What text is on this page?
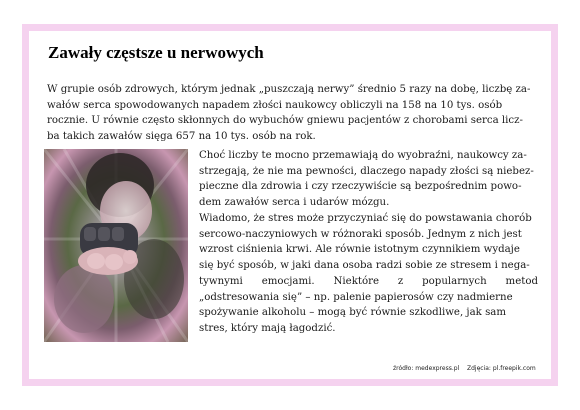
Zawały częstsze u nerwowych

W grupie osób zdrowych, którym jednak „puszczają nerwy” średnio 5 razy na dobę, liczbę za-
wałów serca spowodowanych napadem złości naukowcy obliczyli na 158 na 10 tys. osób
rocznie. U równie często skłonnych do wybuchów gniewu pacjentów z chorobami serca licz-
ba takich zawałów sięga 657 na 10 tys. osób na rok.

Choć liczby te mocno przemawiają do wyobraźni, naukowcy za-
strzegają, że nie ma pewności, dlaczego napady złości są niebez-
pieczne dla zdrowia i czy rzeczywiście są bezpośrednim powo-
dem zawałów serca i udarów mózgu.

Wiadomo, że stres może przyczyniać się do powstawania chorób
sercowo-naczyniowych w różnoraki sposób. Jednym z nich jest
wzrost ciśnienia krwi. Ale równie istotnym czynnikiem wydaje
się być sposób, w jaki dana osoba radzi sobie ze stresem i nega-
tywnymi emocjami. Niektóre z popularnych metod
„odstresowania się” – np. palenie papierosów czy nadmierne
spożywanie alkoholu – mogą być równie szkodliwe, jak sam
stres, który mają łagodzić.

źródło: medexpress.pl Zdjęcia: pl.freepik.com
